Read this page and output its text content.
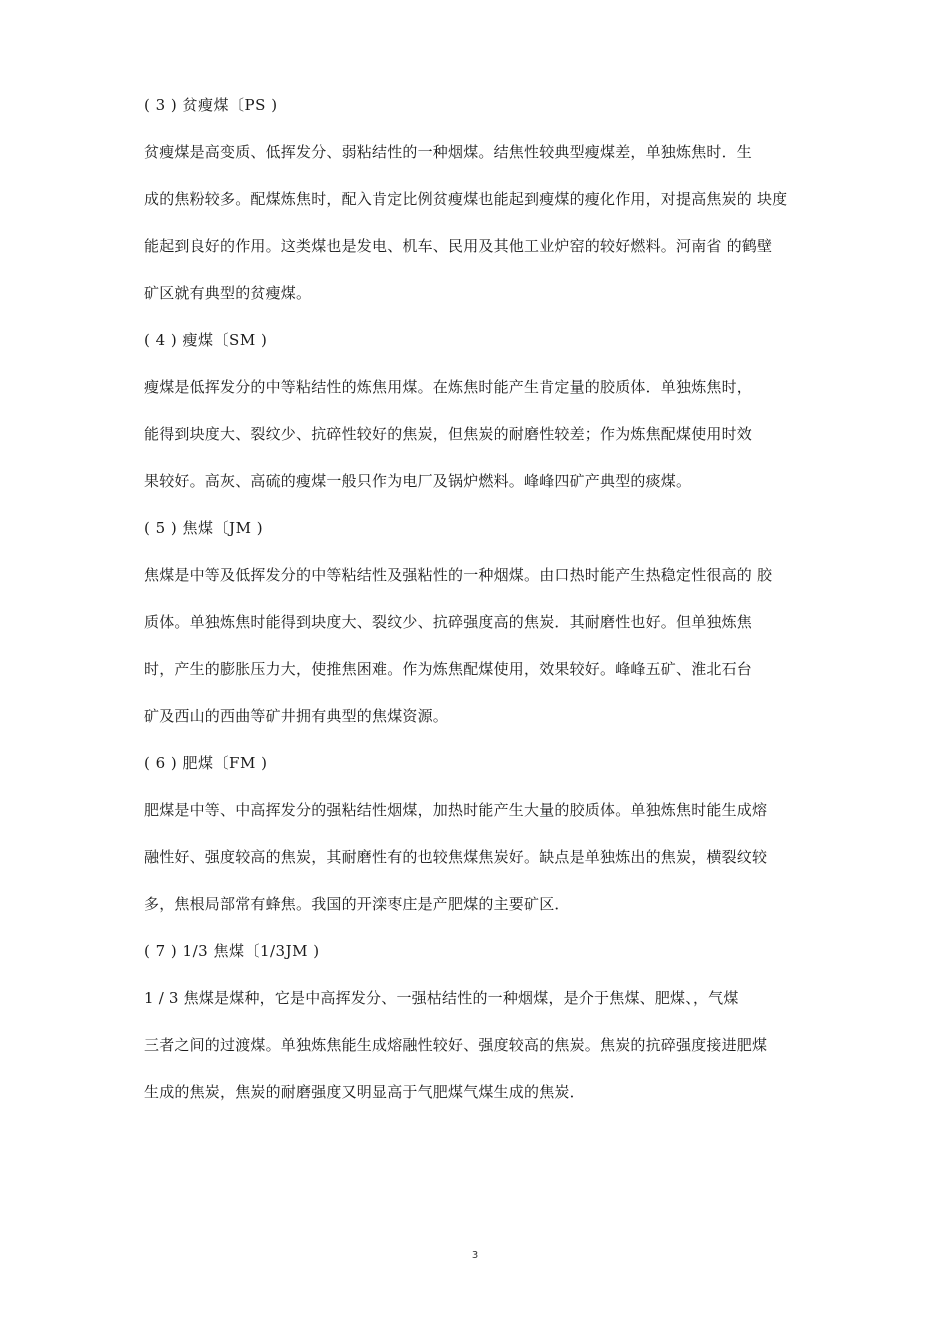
( 3 ) 贫瘦煤〔PS )
贫瘦煤是高变质、低挥发分、弱粘结性的一种烟煤。结焦性较典型瘦煤差，单独炼焦时．生
成的焦粉较多。配煤炼焦时，配入肯定比例贫瘦煤也能起到瘦煤的瘦化作用，对提高焦炭的 块度
能起到良好的作用。这类煤也是发电、机车、民用及其他工业炉窑的较好燃料。河南省 的鹤壁
矿区就有典型的贫瘦煤。
( 4 ) 瘦煤〔SM )
瘦煤是低挥发分的中等粘结性的炼焦用煤。在炼焦时能产生肯定量的胶质体．单独炼焦时，
能得到块度大、裂纹少、抗碎性较好的焦炭，但焦炭的耐磨性较差；作为炼焦配煤使用时效
果较好。高灰、高硫的瘦煤一般只作为电厂及锅炉燃料。峰峰四矿产典型的痰煤。
( 5 ) 焦煤〔JM )
焦煤是中等及低挥发分的中等粘结性及强粘性的一种烟煤。由口热时能产生热稳定性很高的 胶
质体。单独炼焦时能得到块度大、裂纹少、抗碎强度高的焦炭．其耐磨性也好。但单独炼焦
时，产生的膨胀压力大，使推焦困难。作为炼焦配煤使用，效果较好。峰峰五矿、淮北石台
矿及西山的西曲等矿井拥有典型的焦煤资源。
( 6 ) 肥煤〔FM )
肥煤是中等、中高挥发分的强粘结性烟煤，加热时能产生大量的胶质体。单独炼焦时能生成熔
融性好、强度较高的焦炭，其耐磨性有的也较焦煤焦炭好。缺点是单独炼出的焦炭，横裂纹较
多，焦根局部常有蜂焦。我国的开滦枣庄是产肥煤的主要矿区．
( 7 ) 1/3 焦煤〔1/3JM )
1 / 3 焦煤是煤种，它是中高挥发分、一强枯结性的一种烟煤，是介于焦煤、肥煤、，气煤
三者之间的过渡煤。单独炼焦能生成熔融性较好、强度较高的焦炭。焦炭的抗碎强度接进肥煤
生成的焦炭，焦炭的耐磨强度又明显高于气肥煤气煤生成的焦炭．
3
